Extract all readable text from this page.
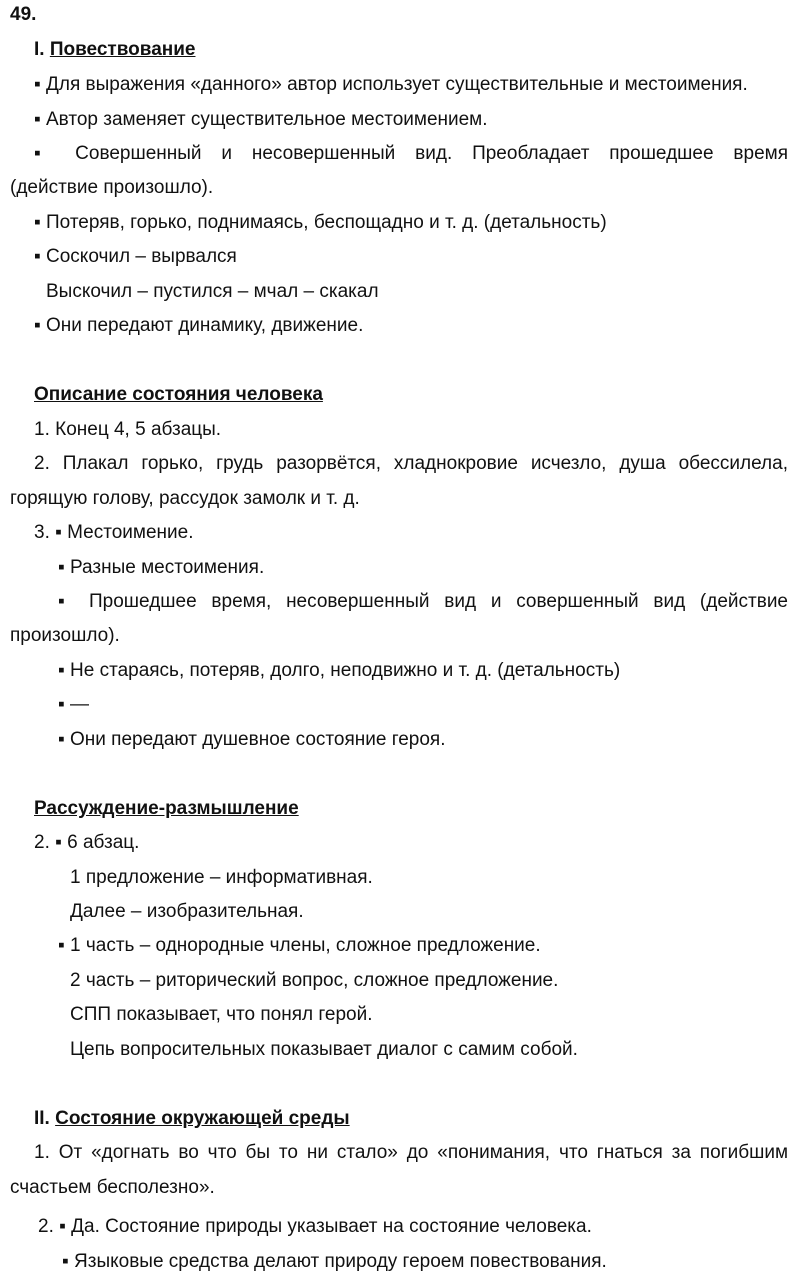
49.
I. Повествование
▪ Для выражения «данного» автор использует существительные и местоимения.
▪ Автор заменяет существительное местоимением.
▪ Совершенный и несовершенный вид. Преобладает прошедшее время
(действие произошло).
▪ Потеряв, горько, поднимаясь, беспощадно и т. д. (детальность)
▪ Соскочил – вырвался
Выскочил – пустился – мчал – скакал
▪ Они передают динамику, движение.
Описание состояния человека
1. Конец 4, 5 абзацы.
2. Плакал горько, грудь разорвётся, хладнокровие исчезло, душа обессилела,
горящую голову, рассудок замолк и т. д.
3. ▪ Местоимение.
▪ Разные местоимения.
▪ Прошедшее время, несовершенный вид и совершенный вид (действие
произошло).
▪ Не стараясь, потеряв, долго, неподвижно и т. д. (детальность)
▪ —
▪ Они передают душевное состояние героя.
Рассуждение-размышление
2. ▪ 6 абзац.
1 предложение – информативная.
Далее – изобразительная.
▪ 1 часть – однородные члены, сложное предложение.
2 часть – риторический вопрос, сложное предложение.
СПП показывает, что понял герой.
Цепь вопросительных показывает диалог с самим собой.
II. Состояние окружающей среды
1. От «догнать во что бы то ни стало» до «понимания, что гнаться за погибшим
счастьем бесполезно».
2. ▪ Да. Состояние природы указывает на состояние человека.
▪ Языковые средства делают природу героем повествования.
